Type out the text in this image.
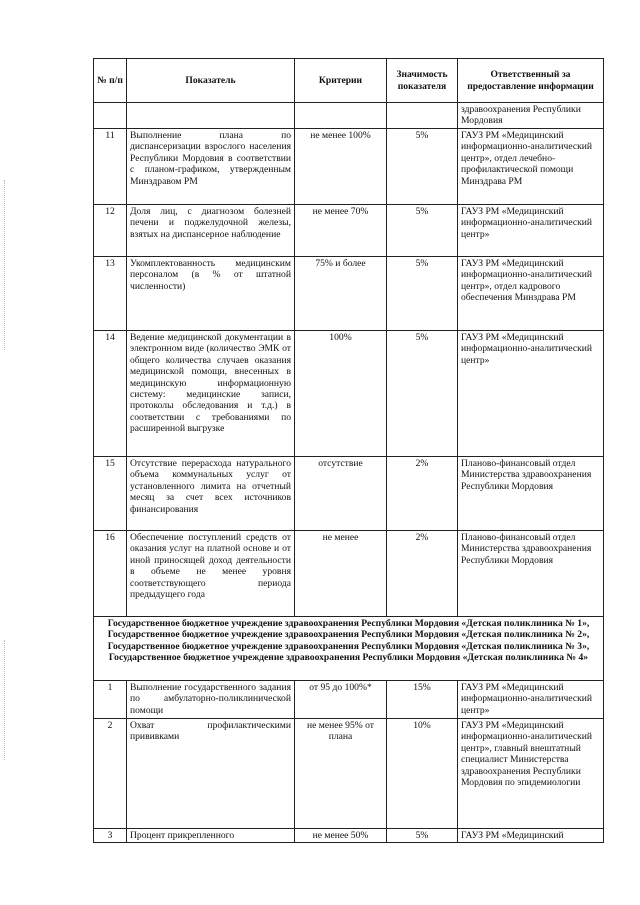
№ п/п	Показатель	Критерии	Значимость показателя	Ответственный за предоставление информации
				здравоохранения Республики Мордовия
11	Выполнение плана по диспансеризации взрослого населения Республики Мордовия в соответствии с планом-графиком, утвержденным Минздравом РМ	не менее 100%	5%	ГАУЗ РМ «Медицинский информационно-аналитический центр», отдел лечебно-профилактической помощи Минздрава РМ
12	Доля лиц, с диагнозом болезней печени и поджелудочной железы, взятых на диспансерное наблюдение	не менее 70%	5%	ГАУЗ РМ «Медицинский информационно-аналитический центр»
13	Укомплектованность медицинским персоналом (в % от штатной численности)	75% и более	5%	ГАУЗ РМ «Медицинский информационно-аналитический центр», отдел кадрового обеспечения Минздрава РМ
14	Ведение медицинской документации в электронном виде (количество ЭМК от общего количества случаев оказания медицинской помощи, внесенных в медицинскую информационную систему: медицинские записи, протоколы обследования и т.д.) в соответствии с требованиями по расширенной выгрузке	100%	5%	ГАУЗ РМ «Медицинский информационно-аналитический центр»
15	Отсутствие перерасхода натурального объема коммунальных услуг от установленного лимита на отчетный месяц за счет всех источников финансирования	отсутствие	2%	Планово-финансовый отдел Министерства здравоохранения Республики Мордовия
16	Обеспечение поступлений средств от оказания услуг на платной основе и от иной приносящей доход деятельности в объеме не менее уровня соответствующего периода предыдущего года	не менее	2%	Планово-финансовый отдел Министерства здравоохранения Республики Мордовия
Государственное бюджетное учреждение здравоохранения Республики Мордовия «Детская поликлиника № 1», Государственное бюджетное учреждение здравоохранения Республики Мордовия «Детская поликлиника № 2», Государственное бюджетное учреждение здравоохранения Республики Мордовия «Детская поликлиника № 3», Государственное бюджетное учреждение здравоохранения Республики Мордовия «Детская поликлиника № 4»				
1	Выполнение государственного задания по амбулаторно-поликлинической помощи	от 95 до 100%*	15%	ГАУЗ РМ «Медицинский информационно-аналитический центр»
2	Охват профилактическими прививками	не менее 95% от плана	10%	ГАУЗ РМ «Медицинский информационно-аналитический центр», главный внештатный специалист Министерства здравоохранения Республики Мордовия по эпидемиологии
3	Процент прикрепленного	не менее 50%	5%	ГАУЗ РМ «Медицинский
